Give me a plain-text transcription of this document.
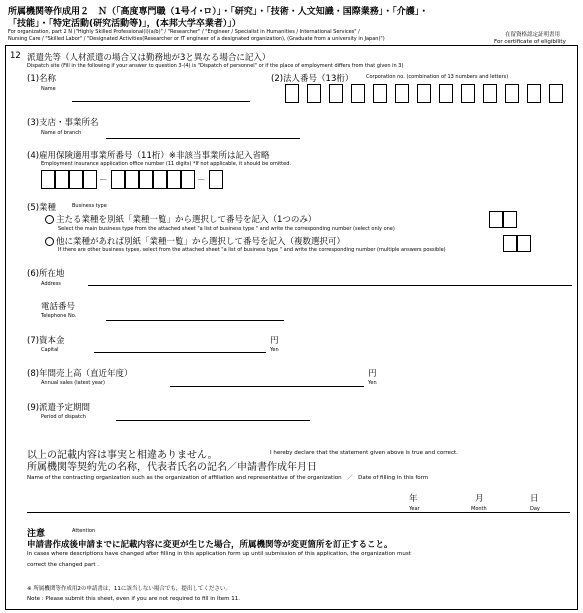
所属機関等作成用２　Ｎ（「高度専門職（1号イ･ロ）」・「研究」・「技術・人文知識・国際業務」・「介護」・
「技能」・「特定活動(研究活動等)」，(本邦大学卒業者）」）
For organization, part 2 N ("Highly Skilled Professional(i)(a/b)" / "Researcher" / "Engineer / Specialist in Humanities / International Services" /
Nursing Care / "Skilled Labor" / "Designated Activities(Researcher or IT engineer of a designated organization), (Graduate from a university in Japan)")
在留資格認定証明書用
For certificate of eligibility
12 派遣先等（人材派遣の場合又は勤務地が3と異なる場合に記入）
Dispatch site (Fill in the following if your answer to question 3-(4) is "Dispatch of personnel" or if the place of employment differs from that given in 3)
(1)名称
Name
(2)法人番号（13桁）	Corporation no. (combination of 13 numbers and letters)
(3)支店・事業所名
Name of branch
(4)雇用保険適用事業所番号（11桁）※非該当事業所は記入省略
Employment insurance application office number (11 digits) *If not applicable, it should be omitted.
－	－
(5)業種	Business type
主たる業種を別紙「業種一覧」から選択して番号を記入（1つのみ）
Select the main business type from the attached sheet "a list of business type " and write the corresponding number (select only one)
他に業種があれば別紙「業種一覧」から選択して番号を記入（複数選択可）
If there are other business types, select from the attached sheet "a list of business type " and write the corresponding number (multiple answers possible)
(6)所在地
Address
電話番号
Telephone No.
(7)資本金
Capital
円
Yen
(8)年間売上高（直近年度）
Annual sales (latest year)
円
Yen
(9)派遣予定期間
Period of dispatch
以上の記載内容は事実と相違ありません。	I hereby declare that the statement given above is true and correct.
所属機関等契約先の名称，代表者氏名の記名／申請書作成年月日
Name of the contracting organization such as the organization of affiliation and representative of the organization　／　Date of filling in this form
年
Year
月
Month
日
Day
注意	Attention
申請書作成後申請までに記載内容に変更が生じた場合，所属機関等が変更箇所を訂正すること。
In cases where descriptions have changed after filling in this application form up until submission of this application, the organization must
correct the changed part .
※ 所属機関等作成用2の申請書は，11に該当しない場合でも，提出してください。
Note : Please submit this sheet, even if you are not required to fill in Item 11.
